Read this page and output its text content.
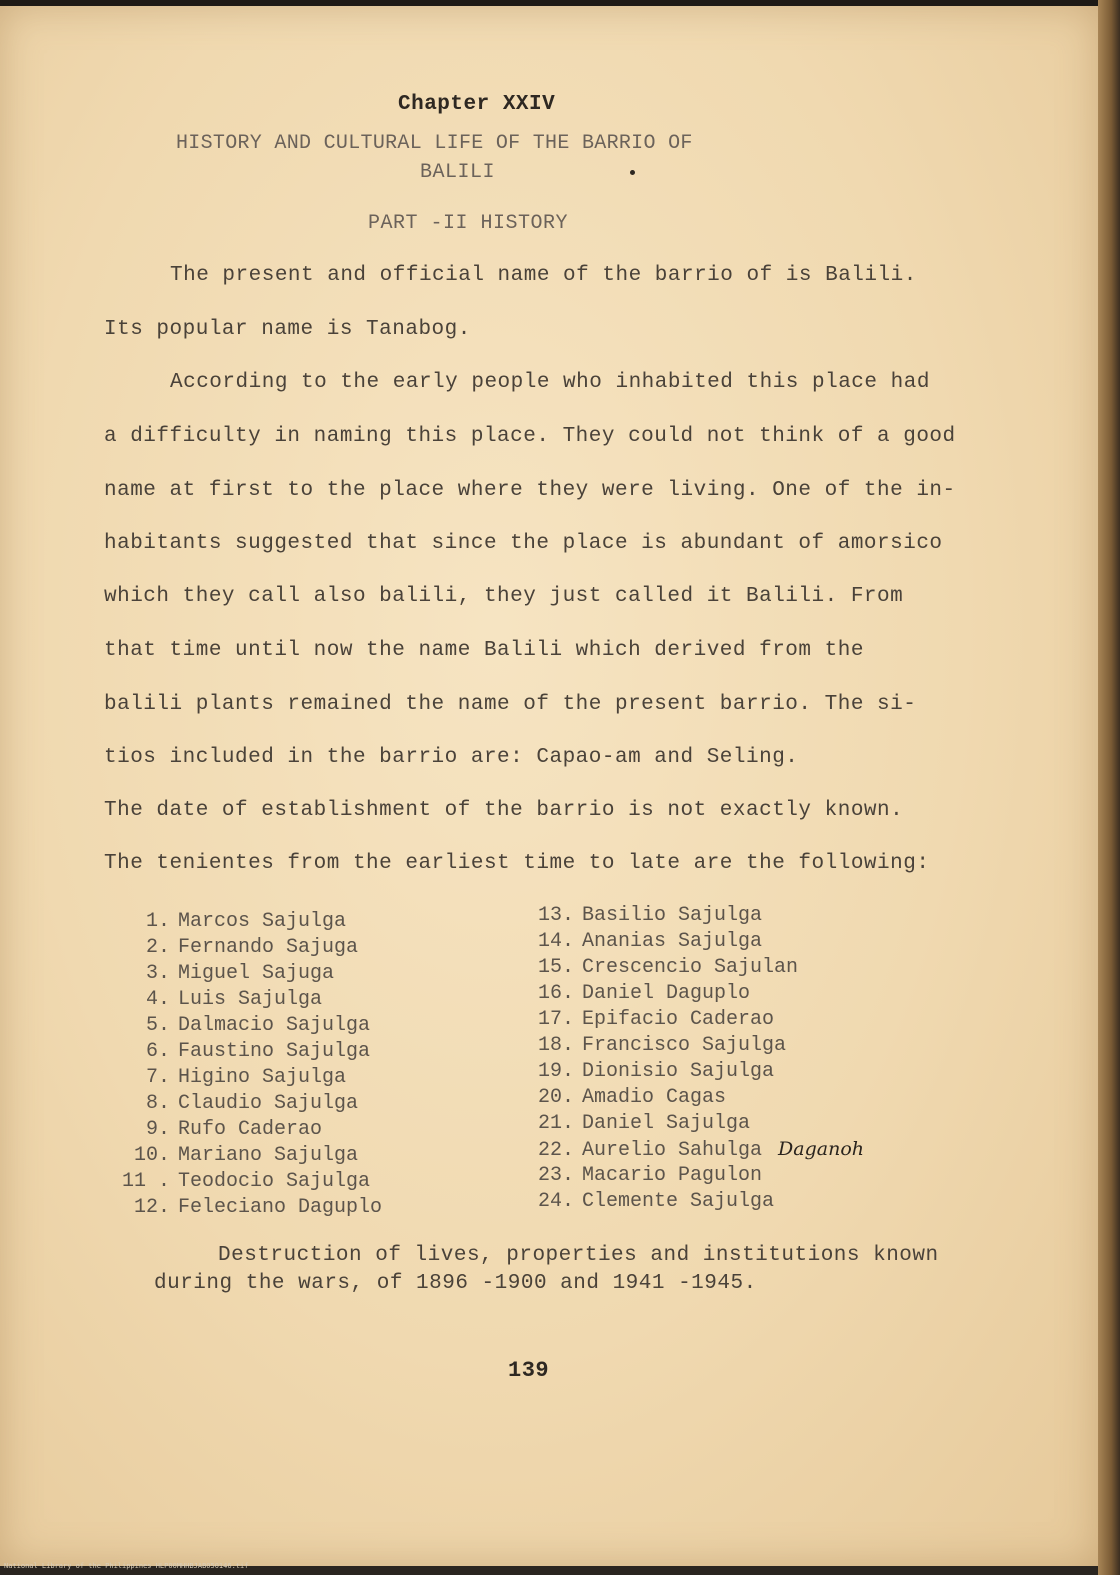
Chapter XXIV
HISTORY AND CULTURAL LIFE OF THE BARRIO OF
BALILI
PART -II HISTORY
The present and official name of the barrio of is Balili.
Its popular name is Tanabog.
According to the early people who inhabited this place had
a difficulty in naming this place. They could not think of a good
name at first to the place where they were living. One of the in-
habitants suggested that since the place is abundant of amorsico
which they call also balili, they just called it Balili. From
that time until now the name Balili which derived from the
balili plants remained the name of the present barrio. The si-
tios included in the barrio are: Capao-am and Seling.
The date of establishment of the barrio is not exactly known.
The tenientes from the earliest time to late are the following:
1. Marcos Sajulga
2. Fernando Sajuga
3. Miguel Sajuga
4. Luis Sajulga
5. Dalmacio Sajulga
6. Faustino Sajulga
7. Higino Sajulga
8. Claudio Sajulga
9. Rufo Caderao
10. Mariano Sajulga
11 . Teodocio Sajulga
12. Feleciano Daguplo
13. Basilio Sajulga
14. Ananias Sajulga
15. Crescencio Sajulan
16. Daniel Daguplo
17. Epifacio Caderao
18. Francisco Sajulga
19. Dionisio Sajulga
20. Amadio Cagas
21. Daniel Sajulga
22. Aurelio Sahulga Daganoh
23. Macario Pagulon
24. Clemente Sajulga
Destruction of lives, properties and institutions known
during the wars, of 1896 -1900 and 1941 -1945.
139
National Library of the Philippines HLP00MHHBJAB050146.tif
